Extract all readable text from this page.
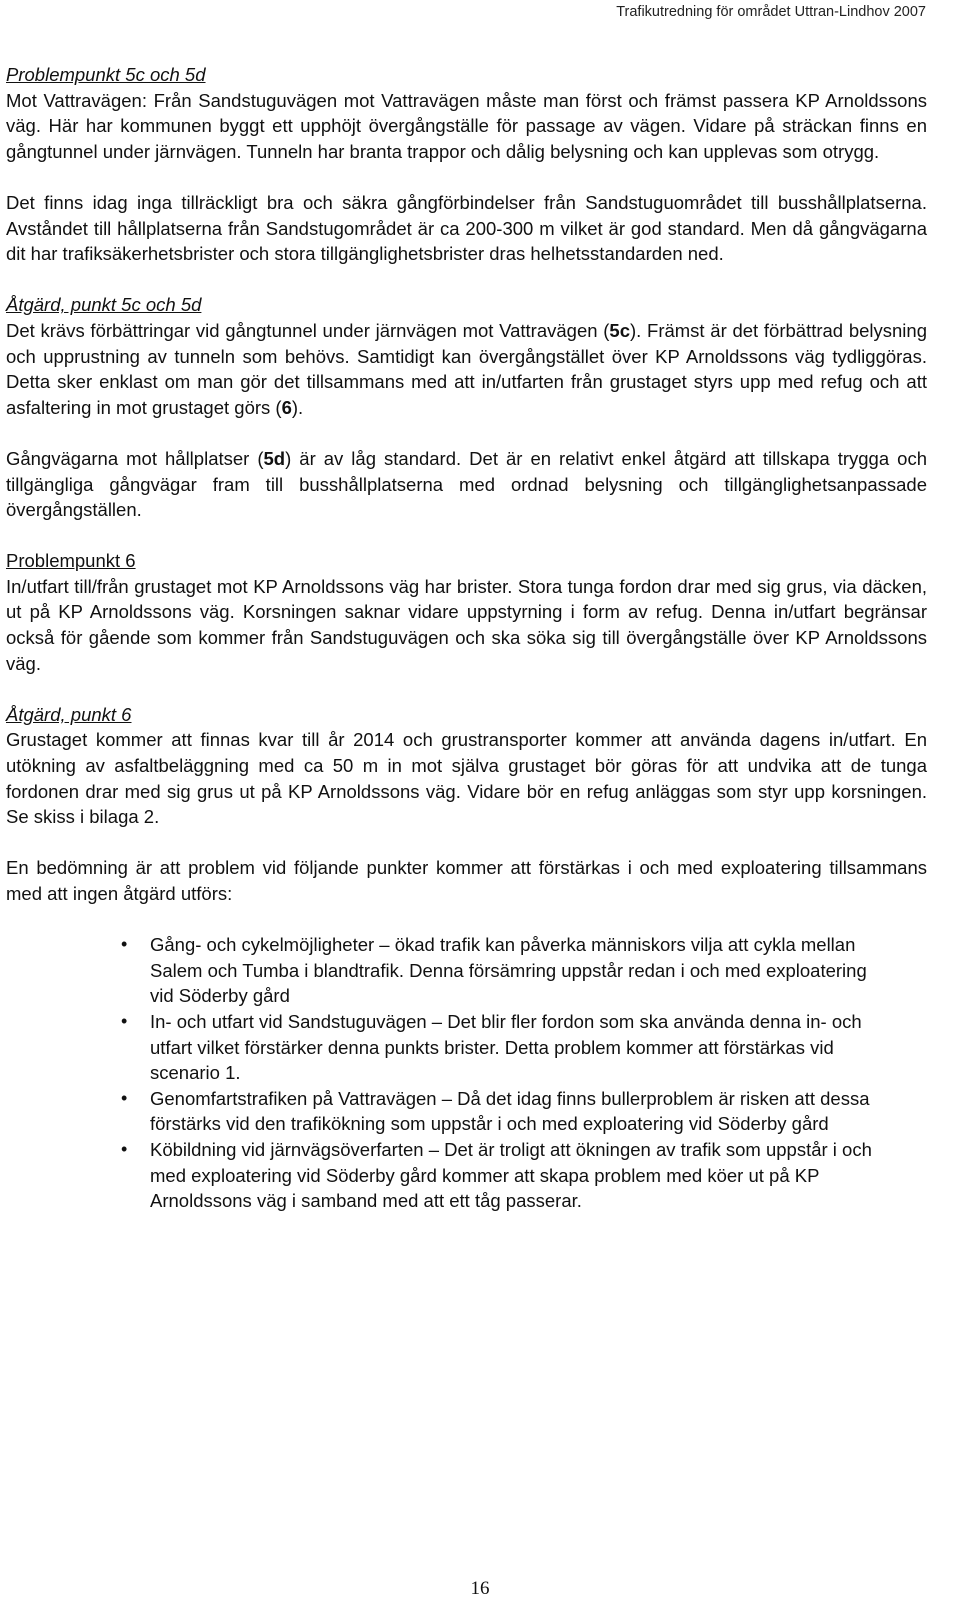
Trafikutredning för området Uttran-Lindhov 2007

Problempunkt 5c och 5d

Mot Vattravägen: Från Sandstuguvägen mot Vattravägen måste man först och främst passera KP Arnoldssons väg. Här har kommunen byggt ett upphöjt övergångställe för passage av vägen. Vidare på sträckan finns en gångtunnel under järnvägen. Tunneln har branta trappor och dålig belysning och kan upplevas som otrygg.

Det finns idag inga tillräckligt bra och säkra gångförbindelser från Sandstuguområdet till busshållplatserna. Avståndet till hållplatserna från Sandstugområdet är ca 200-300 m vilket är god standard. Men då gångvägarna dit har trafiksäkerhetsbrister och stora tillgänglighetsbrister dras helhetsstandarden ned.

Åtgärd, punkt 5c och 5d

Det krävs förbättringar vid gångtunnel under järnvägen mot Vattravägen (5c). Främst är det förbättrad belysning och upprustning av tunneln som behövs. Samtidigt kan övergångstället över KP Arnoldssons väg tydliggöras. Detta sker enklast om man gör det tillsammans med att in/utfarten från grustaget styrs upp med refug och att asfaltering in mot grustaget görs (6).

Gångvägarna mot hållplatser (5d) är av låg standard. Det är en relativt enkel åtgärd att tillskapa trygga och tillgängliga gångvägar fram till busshållplatserna med ordnad belysning och tillgänglighetsanpassade övergångställen.

Problempunkt 6

In/utfart till/från grustaget mot KP Arnoldssons väg har brister. Stora tunga fordon drar med sig grus, via däcken, ut på KP Arnoldssons väg. Korsningen saknar vidare uppstyrning i form av refug. Denna in/utfart begränsar också för gående som kommer från Sandstuguvägen och ska söka sig till övergångställe över KP Arnoldssons väg.

Åtgärd, punkt 6

Grustaget kommer att finnas kvar till år 2014 och grustransporter kommer att använda dagens in/utfart. En utökning av asfaltbeläggning med ca 50 m in mot själva grustaget bör göras för att undvika att de tunga fordonen drar med sig grus ut på KP Arnoldssons väg. Vidare bör en refug anläggas som styr upp korsningen. Se skiss i bilaga 2.

En bedömning är att problem vid följande punkter kommer att förstärkas i och med exploatering tillsammans med att ingen åtgärd utförs:

• Gång- och cykelmöjligheter – ökad trafik kan påverka människors vilja att cykla mellan Salem och Tumba i blandtrafik. Denna försämring uppstår redan i och med exploatering vid Söderby gård
• In- och utfart vid Sandstuguvägen – Det blir fler fordon som ska använda denna in- och utfart vilket förstärker denna punkts brister. Detta problem kommer att förstärkas vid scenario 1.
• Genomfartstrafiken på Vattravägen – Då det idag finns bullerproblem är risken att dessa förstärks vid den trafikökning som uppstår i och med exploatering vid Söderby gård
• Köbildning vid järnvägsöverfarten – Det är troligt att ökningen av trafik som uppstår i och med exploatering vid Söderby gård kommer att skapa problem med köer ut på KP Arnoldssons väg i samband med att ett tåg passerar.
16
